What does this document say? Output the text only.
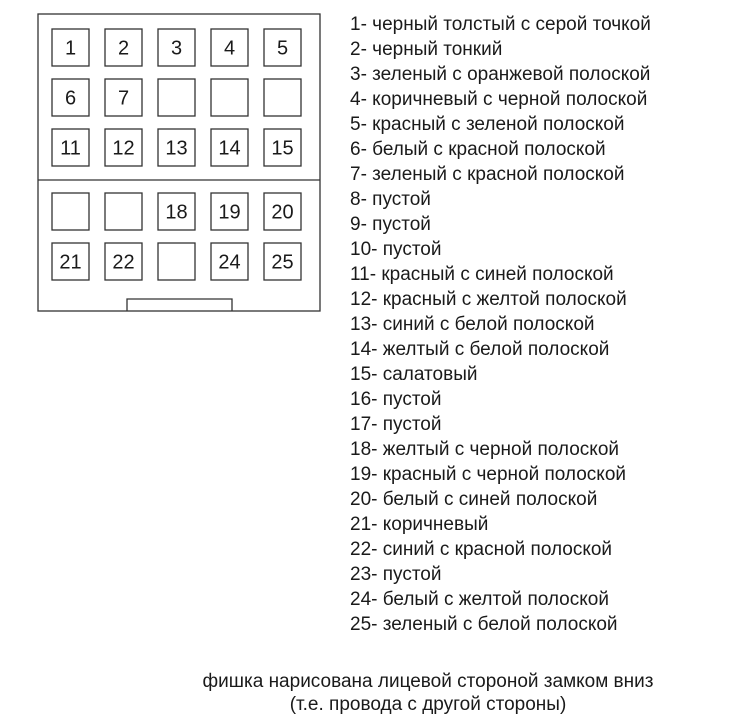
1 2 3 4 5
6 7
11 12 13 14 15
18 19 20
21 22	24 25
1- черный толстый с серой точкой
2- черный тонкий
3- зеленый с оранжевой полоской
4- коричневый с черной полоской
5- красный с зеленой полоской
6- белый с красной полоской
7- зеленый с красной полоской
8- пустой
9- пустой
10- пустой
11- красный с синей полоской
12- красный с желтой полоской
13- синий с белой полоской
14- желтый с белой полоской
15- салатовый
16- пустой
17- пустой
18- желтый с черной полоской
19- красный с черной полоской
20- белый с синей полоской
21- коричневый
22- синий с красной полоской
23- пустой
24- белый с желтой полоской
25- зеленый с белой полоской
фишка нарисована лицевой стороной замком вниз
(т.е. провода с другой стороны)
